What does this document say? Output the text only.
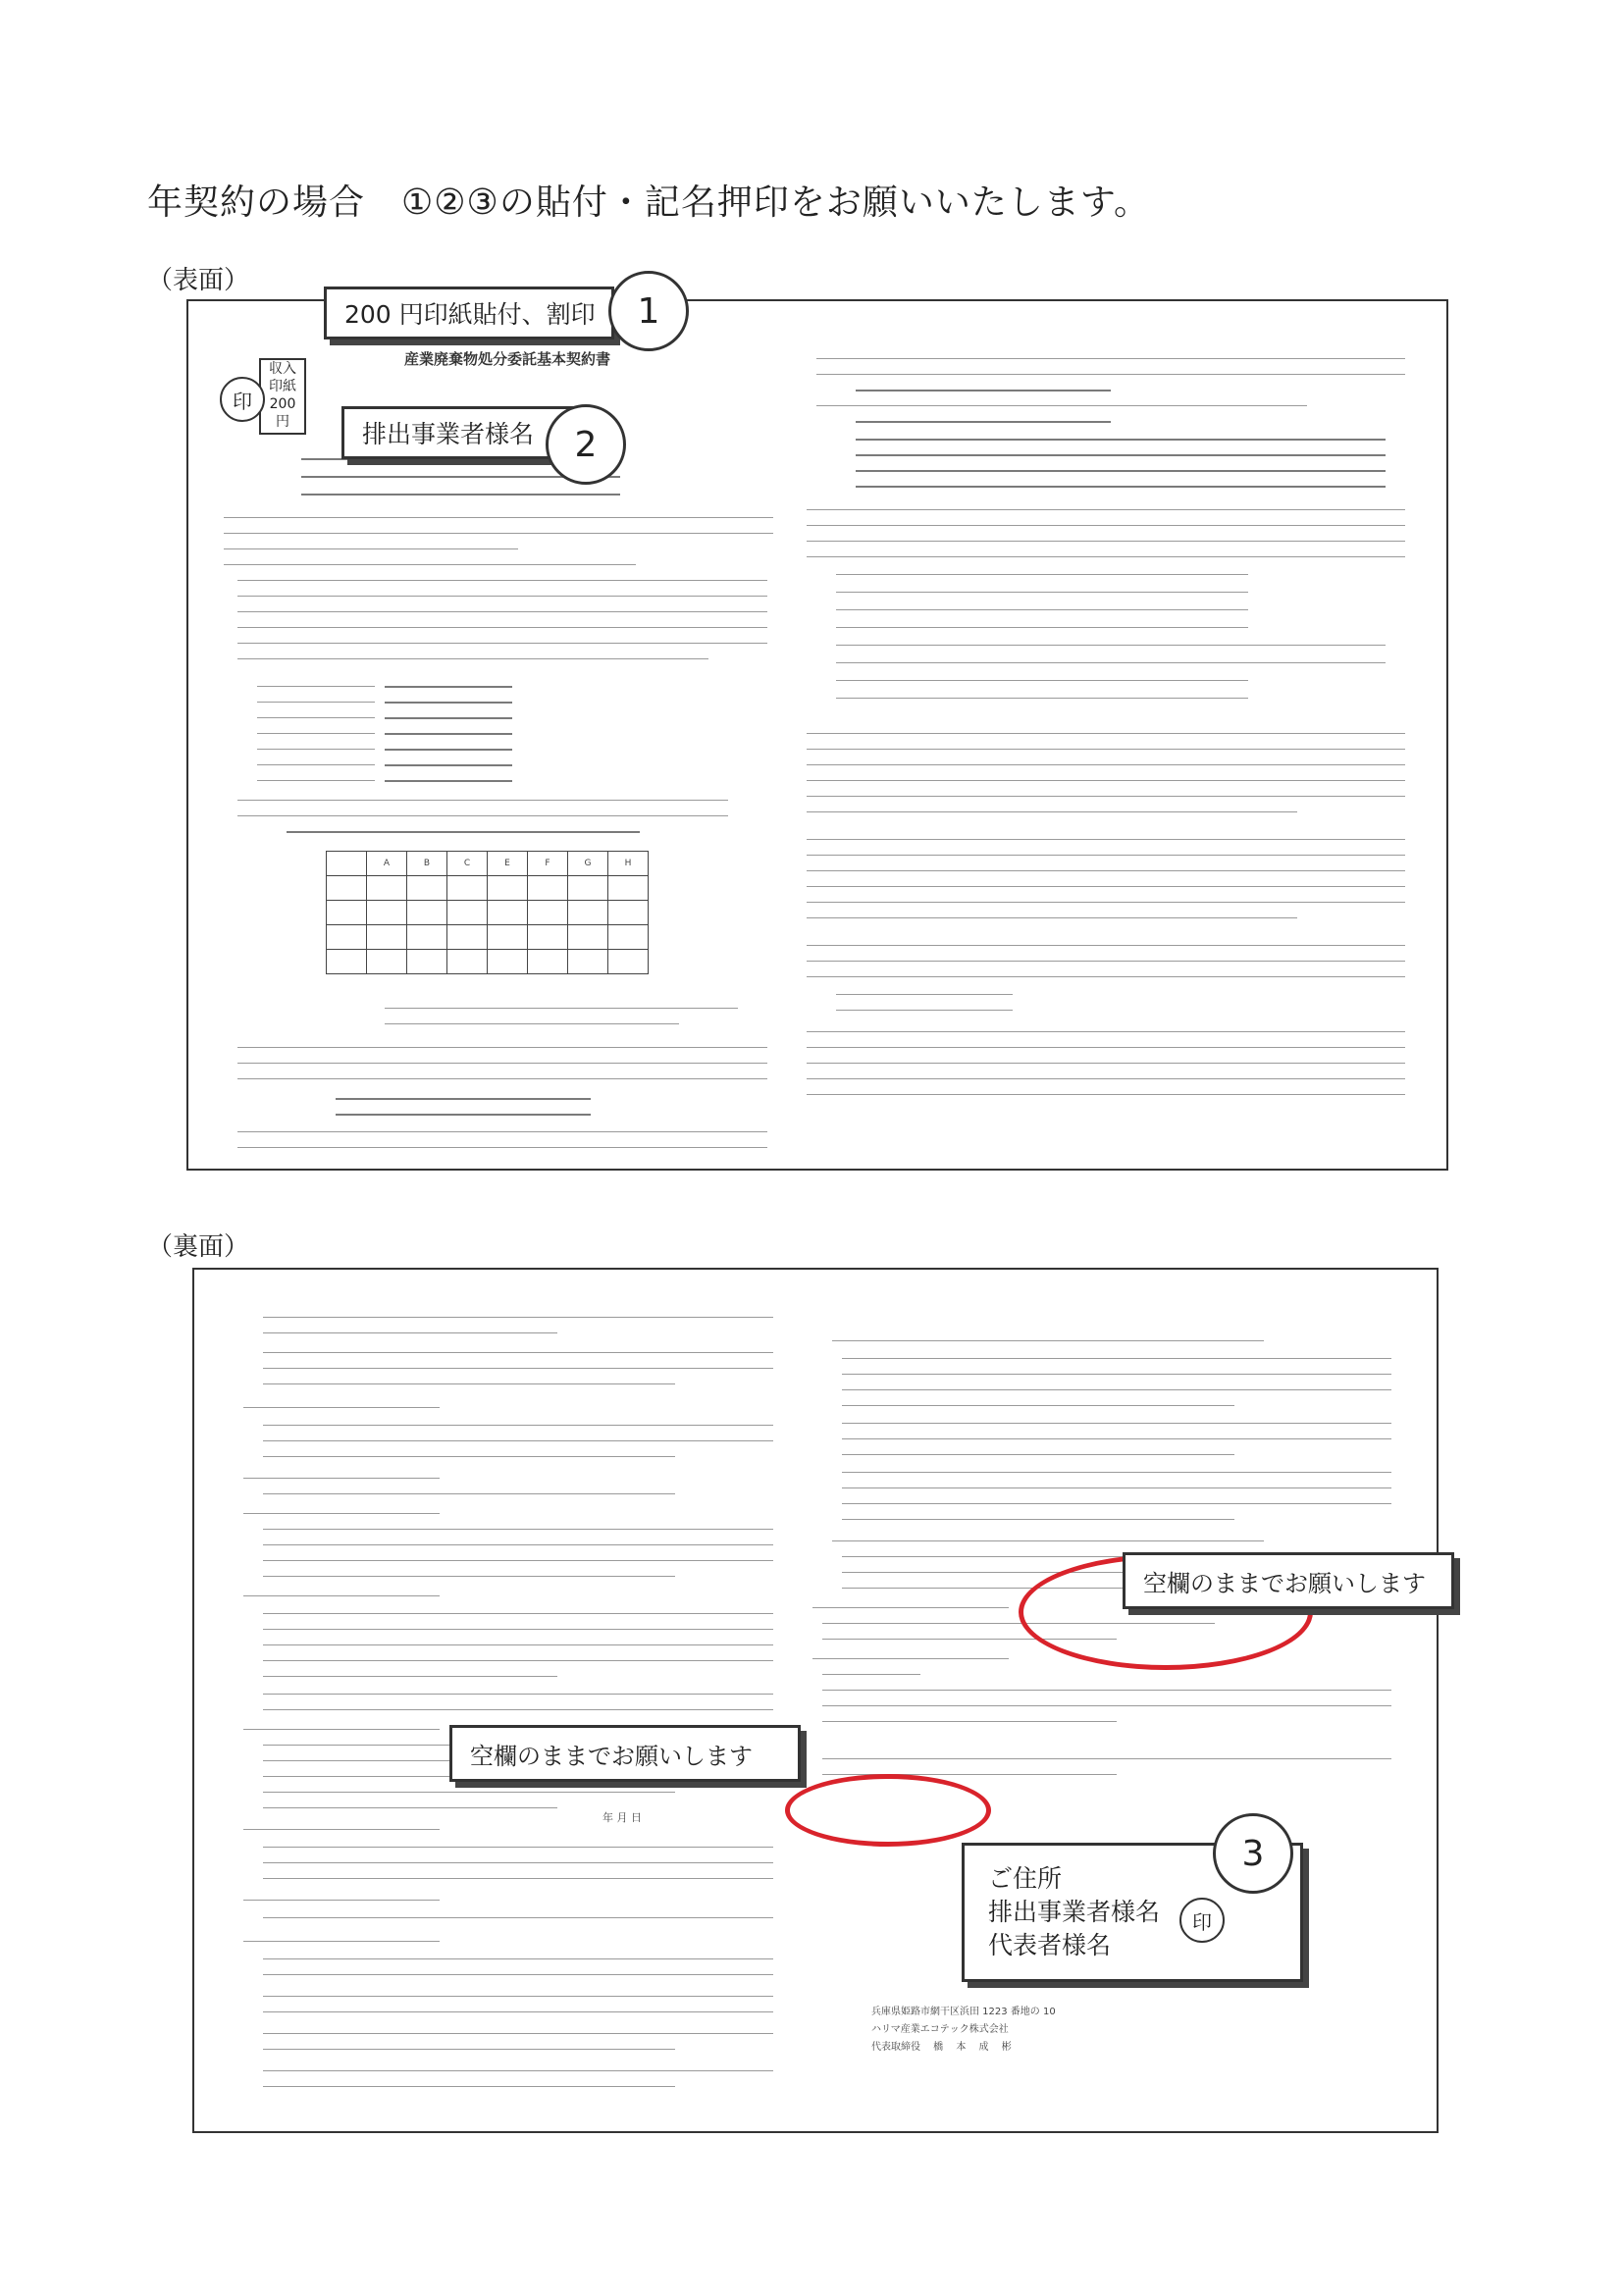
年契約の場合　①②③の貼付・記名押印をお願いいたします。
（表面）
収入
印紙
200 円
産業廃棄物処分委託基本契約書
	A	B	C	E	F	G	H

200 円印紙貼付、割印	1
印
排出事業者様名	2
（裏面）
年 月 日
兵庫県姫路市網干区浜田 1223 番地の 10
ハリマ産業エコテック株式会社
代表取締役 　橋 　本 　成 　彬
空欄のままでお願いします
空欄のままでお願いします
ご住所
排出事業者様名
代表者様名
印
3
